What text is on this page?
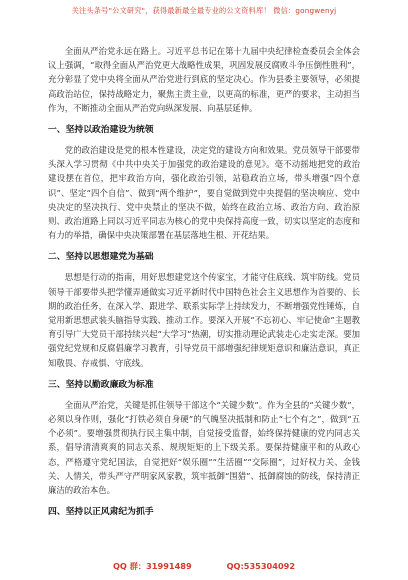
关注头条号"公文研究"，获得最新最全最专业的公文资料库！ 微信：gongwenyj

全面从严治党永远在路上。习近平总书记在第十九届中央纪律检查委员会全体会议上强调，“取得全面从严治党更大战略性成果，巩固发展反腐败斗争压倒性胜利”，充分彰显了党中央将全面从严治党进行到底的坚定决心。作为县委主要领导，必须提高政治站位，保持战略定力，聚焦主责主业，以更高的标准，更严的要求，主动担当作为，不断推动全面从严治党向纵深发展、向基层延伸。

一、坚持以政治建设为统领

党的政治建设是党的根本性建设，决定党的建设方向和效果。党员领导干部要带头深入学习贯彻《中共中央关于加强党的政治建设的意见》。毫不动摇地把党的政治建设摆在首位，把牢政治方向，强化政治引领，站稳政治立场，带头增强“四个意识”、坚定“四个自信”、做到“两个维护”，要自觉做到党中央提倡的坚决响应、党中央决定的坚决执行、党中央禁止的坚决不做，始终在政治立场、政治方向、政治原则、政治道路上同以习近平同志为核心的党中央保持高度一致，切实以坚定的态度和有力的举措，确保中央决策部署在基层落地生根、开花结果。

二、坚持以思想建党为基础

思想是行动的指南，用好思想建党这个传家宝，才能守住底线、筑牢防线。党员领导干部要带头把学懂弄通做实习近平新时代中国特色社会主义思想作为首要的、长期的政治任务，在深入学、跟进学、联系实际学上持续发力，不断增强党性锤炼，自觉用新思想武装头脑指导实践、推动工作。要深入开展“不忘初心、牢记使命”主题教育引导广大党员干部持续兴起“大学习”热潮，切实推动理论武装走心走实走深。要加强党纪党规和反腐倡廉学习教育，引导党员干部增强纪律规矩意识和廉洁意识，真正知敬畏、存戒惧、守底线。

三、坚持以勤政廉政为标准

全面从严治党，关键是抓住领导干部这个“关键少数”。作为全县的“关键少数”，必须以身作则，强化“打铁必须自身硬”的气魄坚决抵制和防止“七个有之”，做到“五个必须”。要增强贯彻执行民主集中制，自觉接受监督，始终保持健康的党内同志关系，倡导清清爽爽的同志关系、规规矩矩的上下级关系。要保持健康平和的从政心态，严格遵守党纪国法，自觉把好“娱乐圈”“生活圈”“交际圈”，过好权力关、金钱关、人情关，带头严守严明家风家教，筑牢抵御“围猎”、抵御腐蚀的防线，保持清正廉洁的政治本色。

四、坚持以正风肃纪为抓手
QQ 群：31991489	QQ:535304092
